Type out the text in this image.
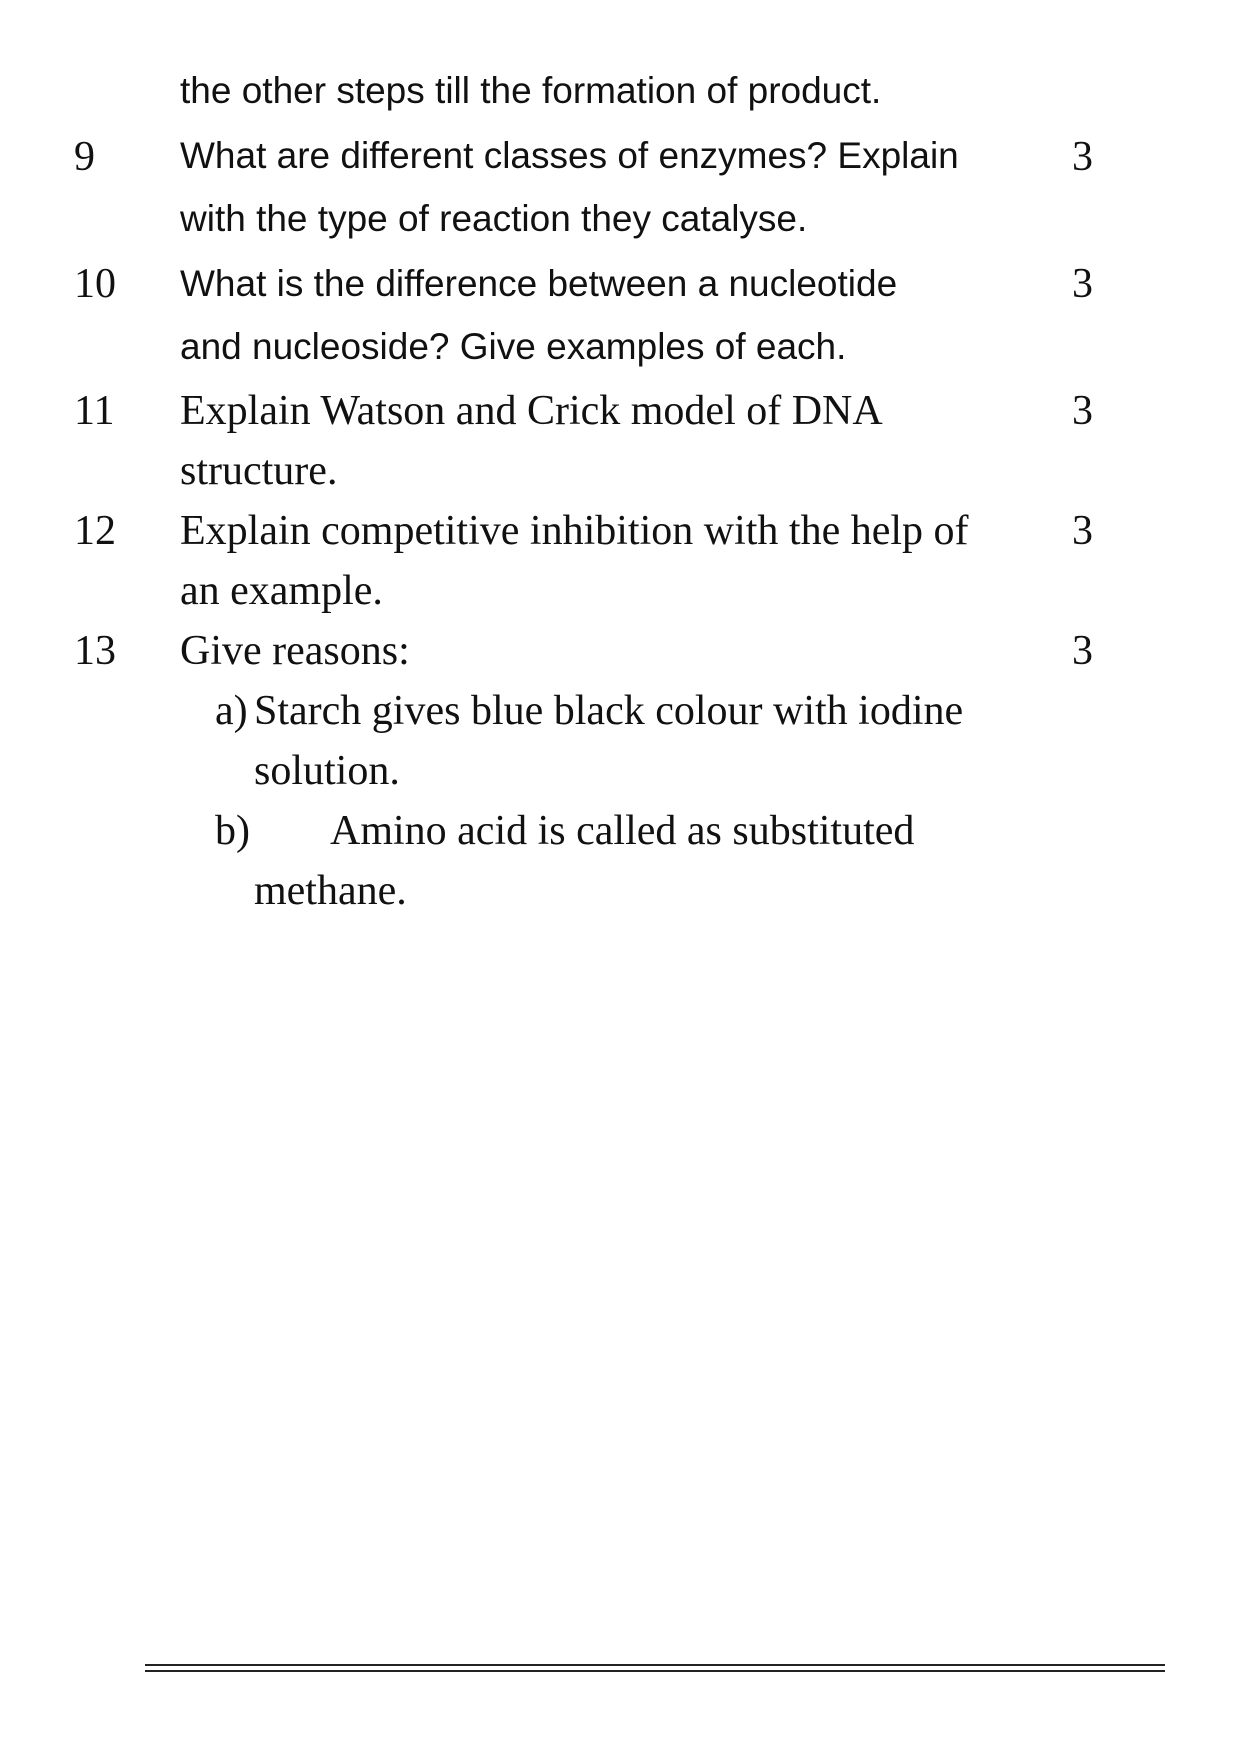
the other steps till the formation of product.
9 What are different classes of enzymes? Explain	3
with the type of reaction they catalyse.
10 What is the difference between a nucleotide	3
and nucleoside? Give examples of each.
11 Explain Watson and Crick model of DNA	3
structure.
12 Explain competitive inhibition with the help of 3
an example.
13 Give reasons:	3
a) Starch gives blue black colour with iodine
solution.
b) Amino acid is called as substituted
methane.
